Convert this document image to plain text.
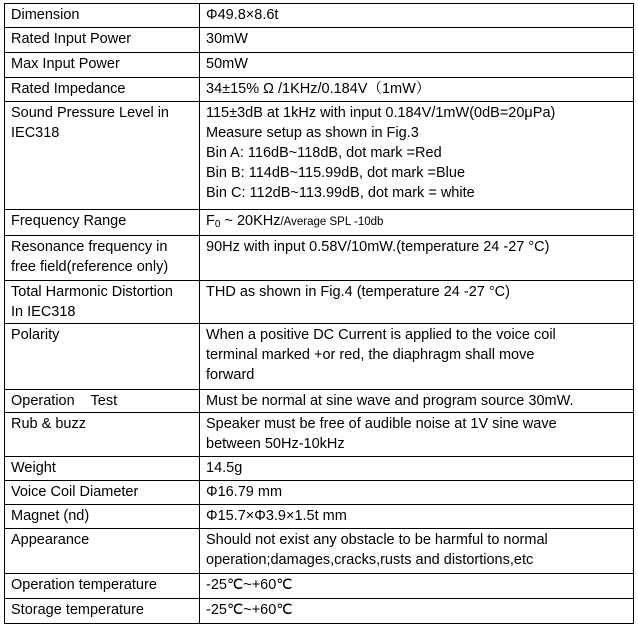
Dimension	Φ49.8×8.6t

Rated Input Power	30mW

Max Input Power	50mW

Rated Impedance	34±15% Ω /1KHz/0.184V（1mW）

Sound Pressure Level in
IEC318	115±3dB at 1kHz with input 0.184V/1mW(0dB=20μPa)
Measure setup as shown in Fig.3
Bin A: 116dB~118dB, dot mark =Red
Bin B: 114dB~115.99dB, dot mark =Blue
Bin C: 112dB~113.99dB, dot mark = white

Frequency Range	$F_0$ ~ 20KHz/Average SPL -10db

Resonance frequency in
free field(reference only)	90Hz with input 0.58V/10mW.(temperature 24 -27 °C)

Total Harmonic Distortion
In IEC318	THD as shown in Fig.4 (temperature 24 -27 °C)

Polarity	When a positive DC Current is applied to the voice coil
terminal marked +or red, the diaphragm shall move
forward

Operation    Test	Must be normal at sine wave and program source 30mW.

Rub & buzz	Speaker must be free of audible noise at 1V sine wave
between 50Hz-10kHz

Weight	14.5g

Voice Coil Diameter	Φ16.79 mm

Magnet (nd)	Φ15.7×Φ3.9×1.5t mm

Appearance	Should not exist any obstacle to be harmful to normal
operation;damages,cracks,rusts and distortions,etc

Operation temperature	-25℃~+60℃

Storage temperature	-25℃~+60℃
